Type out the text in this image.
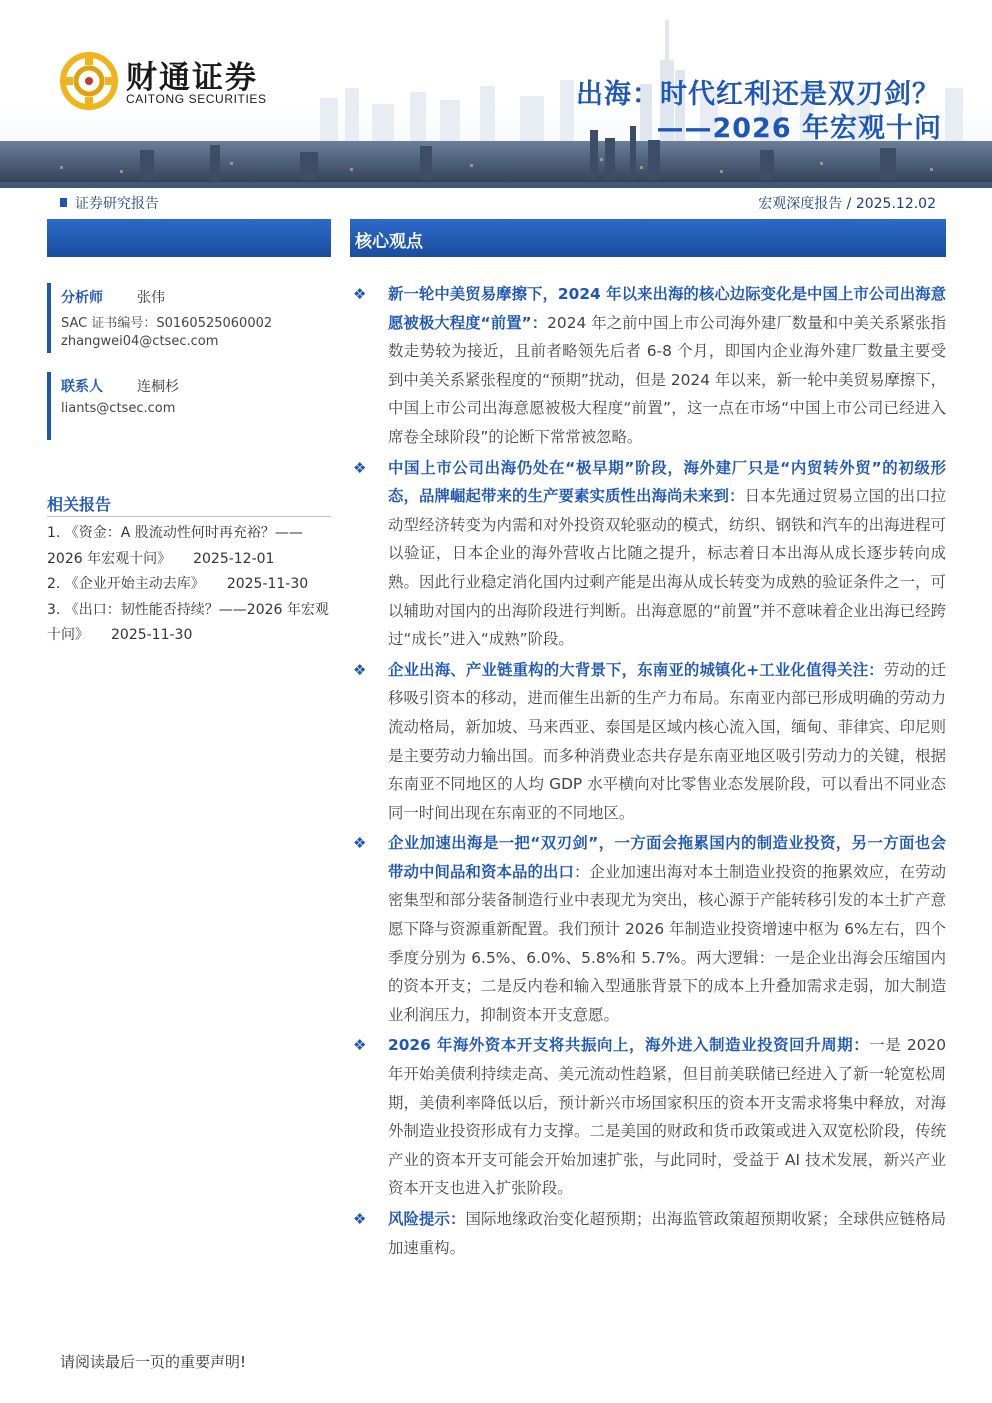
财通证券
CAITONG SECURITIES	出海：时代红利还是双刃剑？
——2026 年宏观十问
证券研究报告	宏观深度报告 / 2025.12.02
分析师 张伟
SAC 证书编号：S0160525060002
zhangwei04@ctsec.com
联系人 连桐杉
liants@ctsec.com
相关报告
1. 《资金：A 股流动性何时再充裕？——2026 年宏观十问》 2025-12-01
2. 《企业开始主动去库》 2025-11-30
3. 《出口：韧性能否持续？——2026 年宏观十问》 2025-11-30
核心观点
❖ 新一轮中美贸易摩擦下，2024 年以来出海的核心边际变化是中国上市公司出海意愿被极大程度“前置”：2024 年之前中国上市公司海外建厂数量和中美关系紧张指数走势较为接近，且前者略领先后者 6-8 个月，即国内企业海外建厂数量主要受到中美关系紧张程度的“预期”扰动，但是 2024 年以来，新一轮中美贸易摩擦下，中国上市公司出海意愿被极大程度“前置”，这一点在市场“中国上市公司已经进入席卷全球阶段”的论断下常常被忽略。
❖ 中国上市公司出海仍处在“极早期”阶段，海外建厂只是“内贸转外贸”的初级形态，品牌崛起带来的生产要素实质性出海尚未来到：日本先通过贸易立国的出口拉动型经济转变为内需和对外投资双轮驱动的模式，纺织、钢铁和汽车的出海进程可以验证，日本企业的海外营收占比随之提升，标志着日本出海从成长逐步转向成熟。因此行业稳定消化国内过剩产能是出海从成长转变为成熟的验证条件之一，可以辅助对国内的出海阶段进行判断。出海意愿的“前置”并不意味着企业出海已经跨过“成长”进入“成熟”阶段。
❖ 企业出海、产业链重构的大背景下，东南亚的城镇化+工业化值得关注：劳动的迁移吸引资本的移动，进而催生出新的生产力布局。东南亚内部已形成明确的劳动力流动格局，新加坡、马来西亚、泰国是区域内核心流入国，缅甸、菲律宾、印尼则是主要劳动力输出国。而多种消费业态共存是东南亚地区吸引劳动力的关键，根据东南亚不同地区的人均 GDP 水平横向对比零售业态发展阶段，可以看出不同业态同一时间出现在东南亚的不同地区。
❖ 企业加速出海是一把“双刃剑”，一方面会拖累国内的制造业投资，另一方面也会带动中间品和资本品的出口：企业加速出海对本土制造业投资的拖累效应，在劳动密集型和部分装备制造行业中表现尤为突出，核心源于产能转移引发的本土扩产意愿下降与资源重新配置。我们预计 2026 年制造业投资增速中枢为 6%左右，四个季度分别为 6.5%、6.0%、5.8%和 5.7%。两大逻辑：一是企业出海会压缩国内的资本开支；二是反内卷和输入型通胀背景下的成本上升叠加需求走弱，加大制造业利润压力，抑制资本开支意愿。
❖ 2026 年海外资本开支将共振向上，海外进入制造业投资回升周期：一是 2020 年开始美债利持续走高、美元流动性趋紧，但目前美联储已经进入了新一轮宽松周期，美债利率降低以后，预计新兴市场国家积压的资本开支需求将集中释放，对海外制造业投资形成有力支撑。二是美国的财政和货币政策或进入双宽松阶段，传统产业的资本开支可能会开始加速扩张，与此同时，受益于 AI 技术发展，新兴产业资本开支也进入扩张阶段。
❖ 风险提示：国际地缘政治变化超预期；出海监管政策超预期收紧；全球供应链格局加速重构。
请阅读最后一页的重要声明!
